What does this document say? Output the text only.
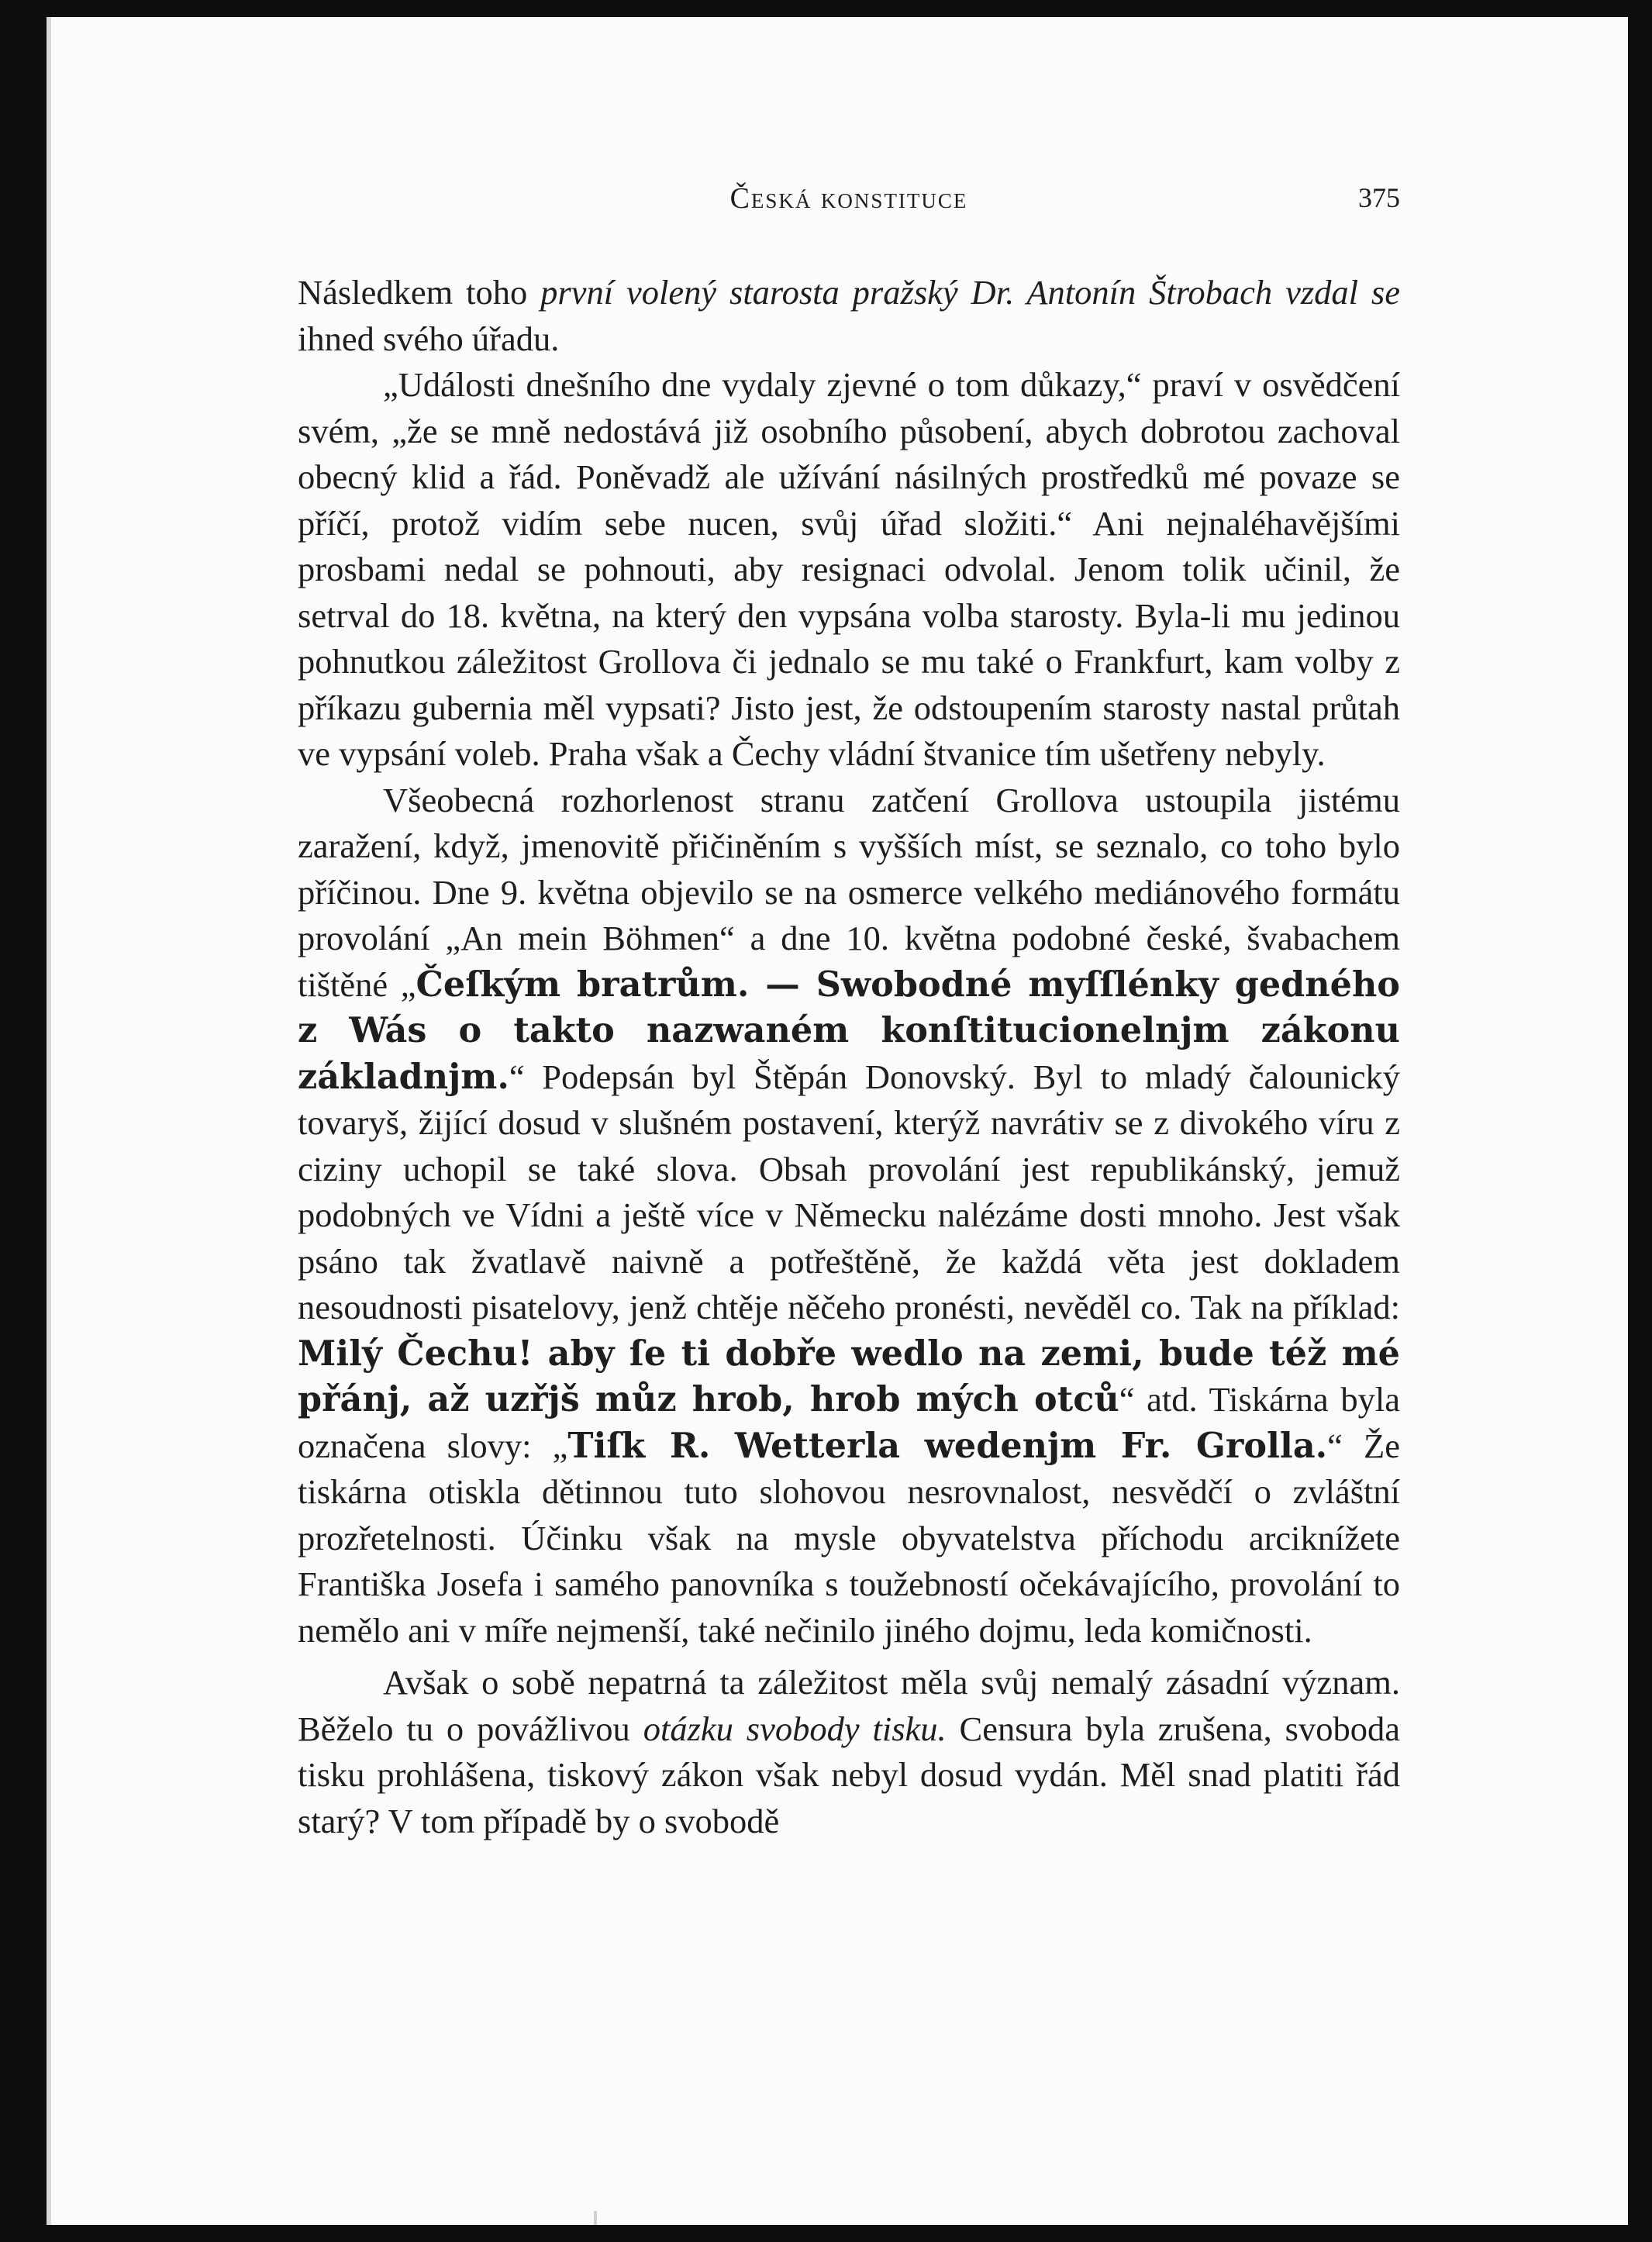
Česká konstituce	375

Následkem toho první volený starosta pražský Dr. Antonín Štrobach vzdal se ihned svého úřadu.

„Události dnešního dne vydaly zjevné o tom důkazy,“ praví v osvědčení svém, „že se mně nedostává již osobního působení, abych dobrotou zachoval obecný klid a řád. Poněvadž ale užívání násilných prostředků mé povaze se příčí, protož vidím sebe nucen, svůj úřad složiti.“ Ani nejnaléhavějšími prosbami nedal se pohnouti, aby resignaci odvolal. Jenom tolik učinil, že setrval do 18. května, na který den vypsána volba starosty. Byla-li mu jedinou pohnutkou záležitost Grollova či jednalo se mu také o Frankfurt, kam volby z příkazu gubernia měl vypsati? Jisto jest, že odstoupením starosty nastal průtah ve vypsání voleb. Praha však a Čechy vládní štvanice tím ušetřeny nebyly.

Všeobecná rozhorlenost stranu zatčení Grollova ustoupila jistému zaražení, když, jmenovitě přičiněním s vyšších míst, se seznalo, co toho bylo příčinou. Dne 9. května objevilo se na osmerce velkého mediánového formátu provolání „An mein Böhmen“ a dne 10. května podobné české, švabachem tištěné „Čeſkým bratrům. — Swobodné myſſlénky gedného z Wás o takto nazwaném konſtitucionelnjm zákonu základnjm.“ Podepsán byl Štěpán Donovský. Byl to mladý čalounický tovaryš, žijící dosud v slušném postavení, kterýž navrátiv se z divokého víru z ciziny uchopil se také slova. Obsah provolání jest republikánský, jemuž podobných ve Vídni a ještě více v Německu nalézáme dosti mnoho. Jest však psáno tak žvatlavě naivně a potřeštěně, že každá věta jest dokladem nesoudnosti pisatelovy, jenž chtěje něčeho pronésti, nevěděl co. Tak na příklad: Milý Čechu! aby ſe ti dobře wedlo na zemi, bude též mé přánj, až uzřjš můz hrob, hrob mých otců“ atd. Tiskárna byla označena slovy: „Tiſk R. Wetterla wedenjm Fr. Grolla.“ Že tiskárna otiskla dětinnou tuto slohovou nesrovnalost, nesvědčí o zvláštní prozřetelnosti. Účinku však na mysle obyvatelstva příchodu arciknížete Františka Josefa i samého panovníka s toužebností očekávajícího, provolání to nemělo ani v míře nejmenší, také nečinilo jiného dojmu, leda komičnosti.

Avšak o sobě nepatrná ta záležitost měla svůj nemalý zásadní význam. Běželo tu o povážlivou otázku svobody tisku. Censura byla zrušena, svoboda tisku prohlášena, tiskový zákon však nebyl dosud vydán. Měl snad platiti řád starý? V tom případě by o svobodě
